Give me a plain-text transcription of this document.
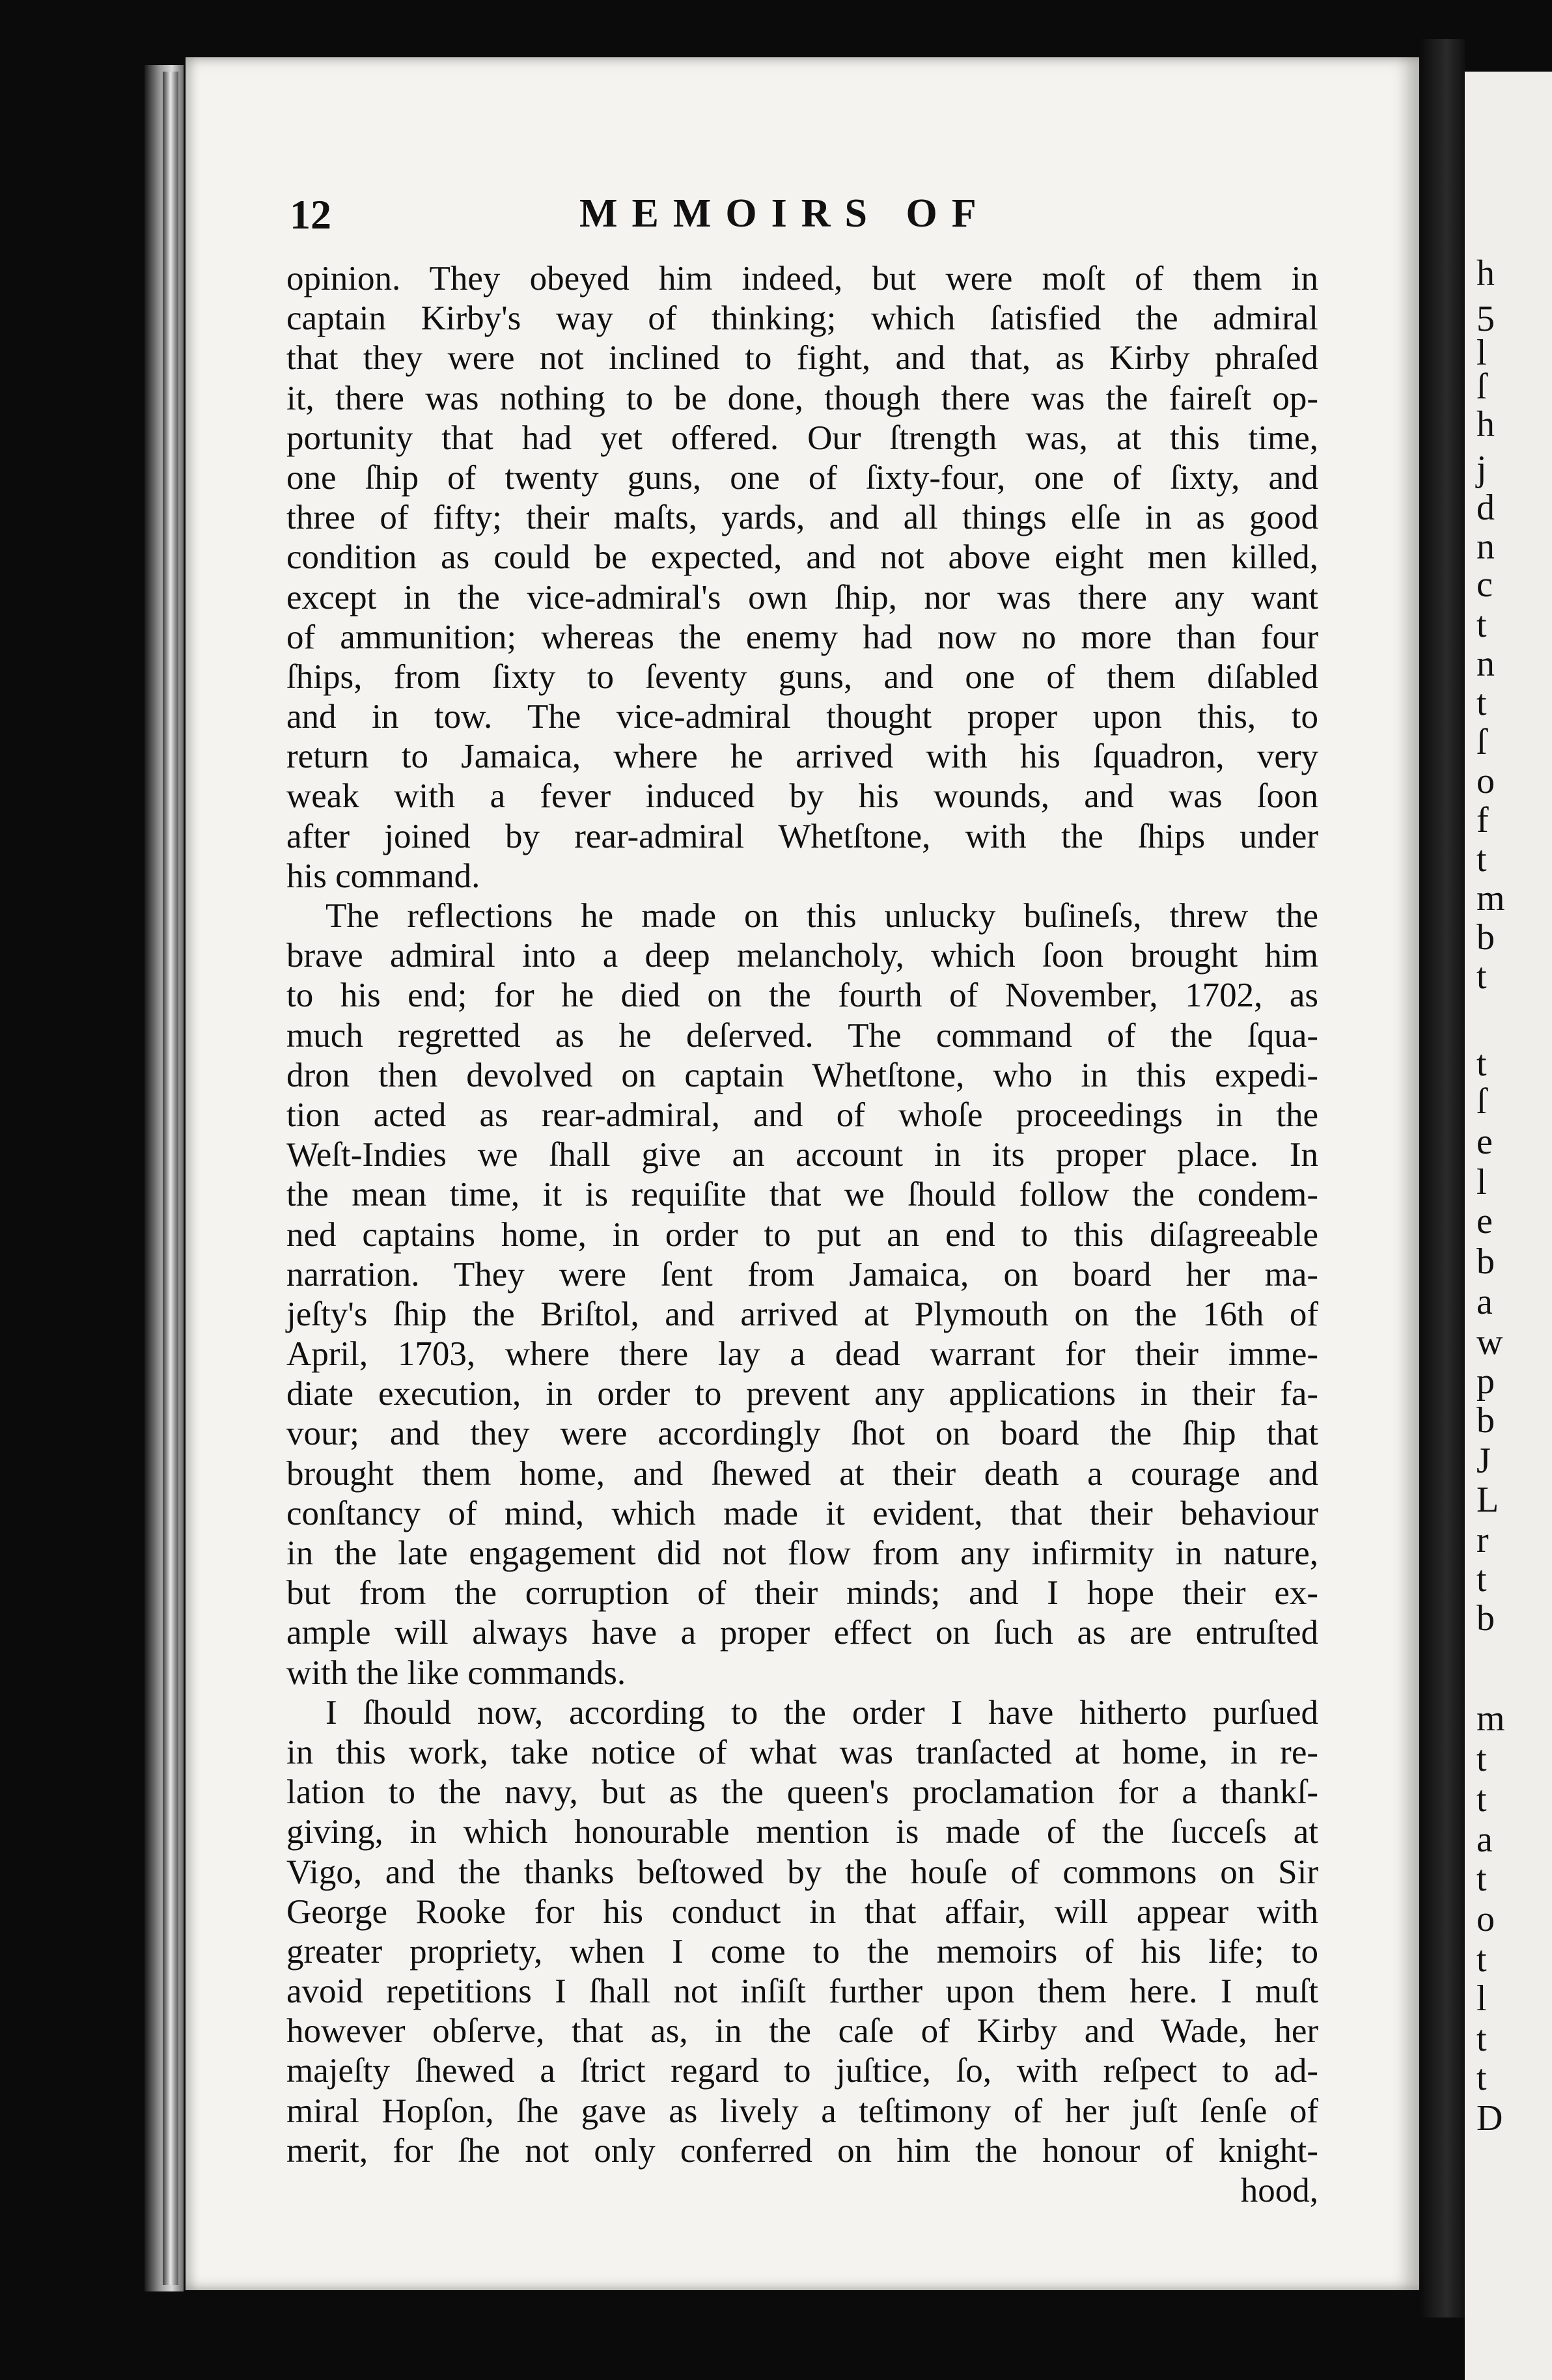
h
5
l
ſ
h
j
d
n
c
t
n
t
ſ
o
f
t
m
b
t
t
ſ
e
l
e
b
a
w
p
b
J
L
r
t
b
m
t
t
a
t
o
t
l
t
t
D
12	MEMOIRS OF
opinion. They obeyed him indeed, but were moſt of them in
captain Kirby's way of thinking; which ſatisfied the admiral
that they were not inclined to fight, and that, as Kirby phraſed
it, there was nothing to be done, though there was the faireſt op-
portunity that had yet offered. Our ſtrength was, at this time,
one ſhip of twenty guns, one of ſixty-four, one of ſixty, and
three of fifty; their maſts, yards, and all things elſe in as good
condition as could be expected, and not above eight men killed,
except in the vice-admiral's own ſhip, nor was there any want
of ammunition; whereas the enemy had now no more than four
ſhips, from ſixty to ſeventy guns, and one of them diſabled
and in tow. The vice-admiral thought proper upon this, to
return to Jamaica, where he arrived with his ſquadron, very
weak with a fever induced by his wounds, and was ſoon
after joined by rear-admiral Whetſtone, with the ſhips under
his command.
The reflections he made on this unlucky buſineſs, threw the
brave admiral into a deep melancholy, which ſoon brought him
to his end; for he died on the fourth of November, 1702, as
much regretted as he deſerved. The command of the ſqua-
dron then devolved on captain Whetſtone, who in this expedi-
tion acted as rear-admiral, and of whoſe proceedings in the
Weſt-Indies we ſhall give an account in its proper place. In
the mean time, it is requiſite that we ſhould follow the condem-
ned captains home, in order to put an end to this diſagreeable
narration. They were ſent from Jamaica, on board her ma-
jeſty's ſhip the Briſtol, and arrived at Plymouth on the 16th of
April, 1703, where there lay a dead warrant for their imme-
diate execution, in order to prevent any applications in their fa-
vour; and they were accordingly ſhot on board the ſhip that
brought them home, and ſhewed at their death a courage and
conſtancy of mind, which made it evident, that their behaviour
in the late engagement did not flow from any infirmity in nature,
but from the corruption of their minds; and I hope their ex-
ample will always have a proper effect on ſuch as are entruſted
with the like commands.
I ſhould now, according to the order I have hitherto purſued
in this work, take notice of what was tranſacted at home, in re-
lation to the navy, but as the queen's proclamation for a thankſ-
giving, in which honourable mention is made of the ſucceſs at
Vigo, and the thanks beſtowed by the houſe of commons on Sir
George Rooke for his conduct in that affair, will appear with
greater propriety, when I come to the memoirs of his life; to
avoid repetitions I ſhall not inſiſt further upon them here. I muſt
however obſerve, that as, in the caſe of Kirby and Wade, her
majeſty ſhewed a ſtrict regard to juſtice, ſo, with reſpect to ad-
miral Hopſon, ſhe gave as lively a teſtimony of her juſt ſenſe of
merit, for ſhe not only conferred on him the honour of knight-
hood,
